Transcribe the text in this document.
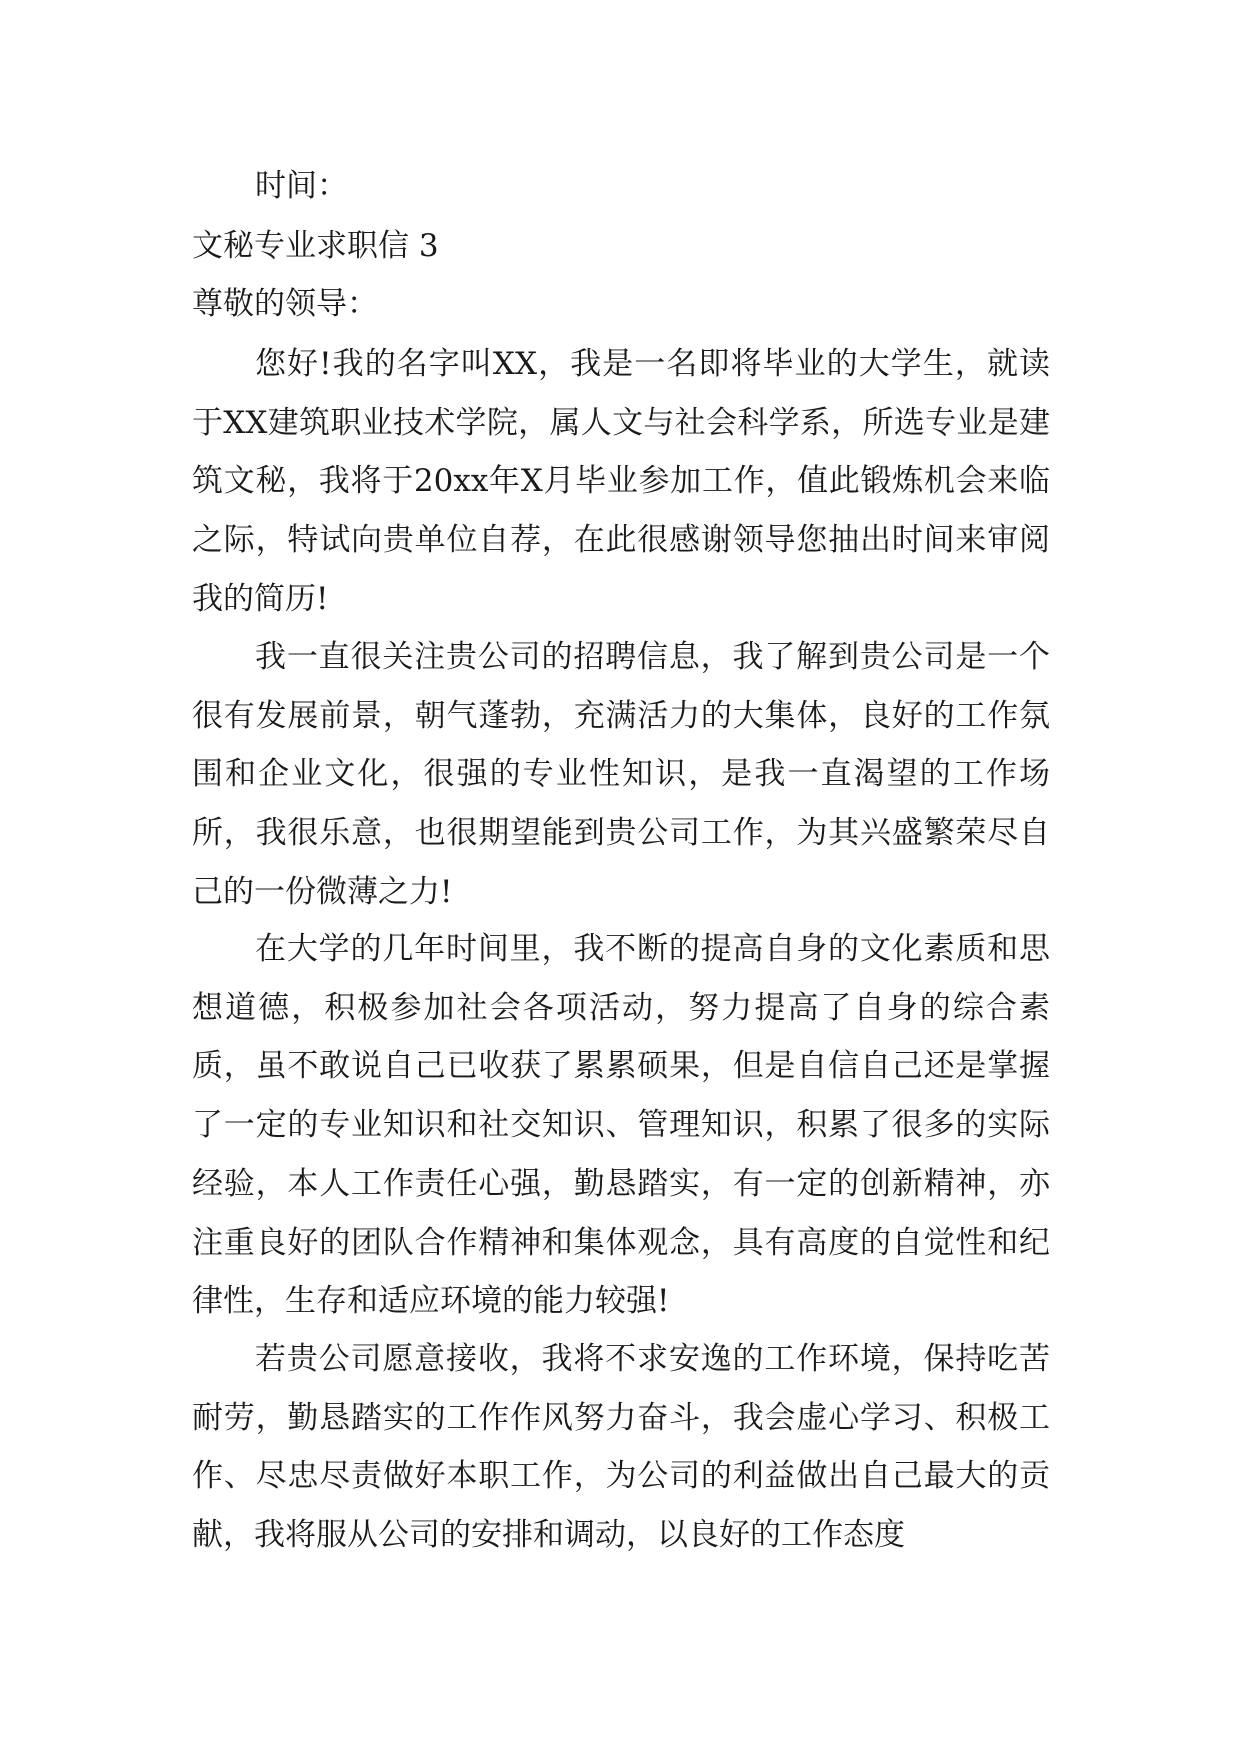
时间：
文秘专业求职信 3
尊敬的领导：

您好!我的名字叫XX，我是一名即将毕业的大学生，就读于XX建筑职业技术学院，属人文与社会科学系，所选专业是建筑文秘，我将于20xx年X月毕业参加工作，值此锻炼机会来临之际，特试向贵单位自荐，在此很感谢领导您抽出时间来审阅我的简历!

我一直很关注贵公司的招聘信息，我了解到贵公司是一个很有发展前景，朝气蓬勃，充满活力的大集体，良好的工作氛围和企业文化，很强的专业性知识，是我一直渴望的工作场所，我很乐意，也很期望能到贵公司工作，为其兴盛繁荣尽自己的一份微薄之力!

在大学的几年时间里，我不断的提高自身的文化素质和思想道德，积极参加社会各项活动，努力提高了自身的综合素质，虽不敢说自己已收获了累累硕果，但是自信自己还是掌握了一定的专业知识和社交知识、管理知识，积累了很多的实际经验，本人工作责任心强，勤恳踏实，有一定的创新精神，亦注重良好的团队合作精神和集体观念，具有高度的自觉性和纪律性，生存和适应环境的能力较强!

若贵公司愿意接收，我将不求安逸的工作环境，保持吃苦耐劳，勤恳踏实的工作作风努力奋斗，我会虚心学习、积极工作、尽忠尽责做好本职工作，为公司的利益做出自己最大的贡献，我将服从公司的安排和调动，以良好的工作态度
